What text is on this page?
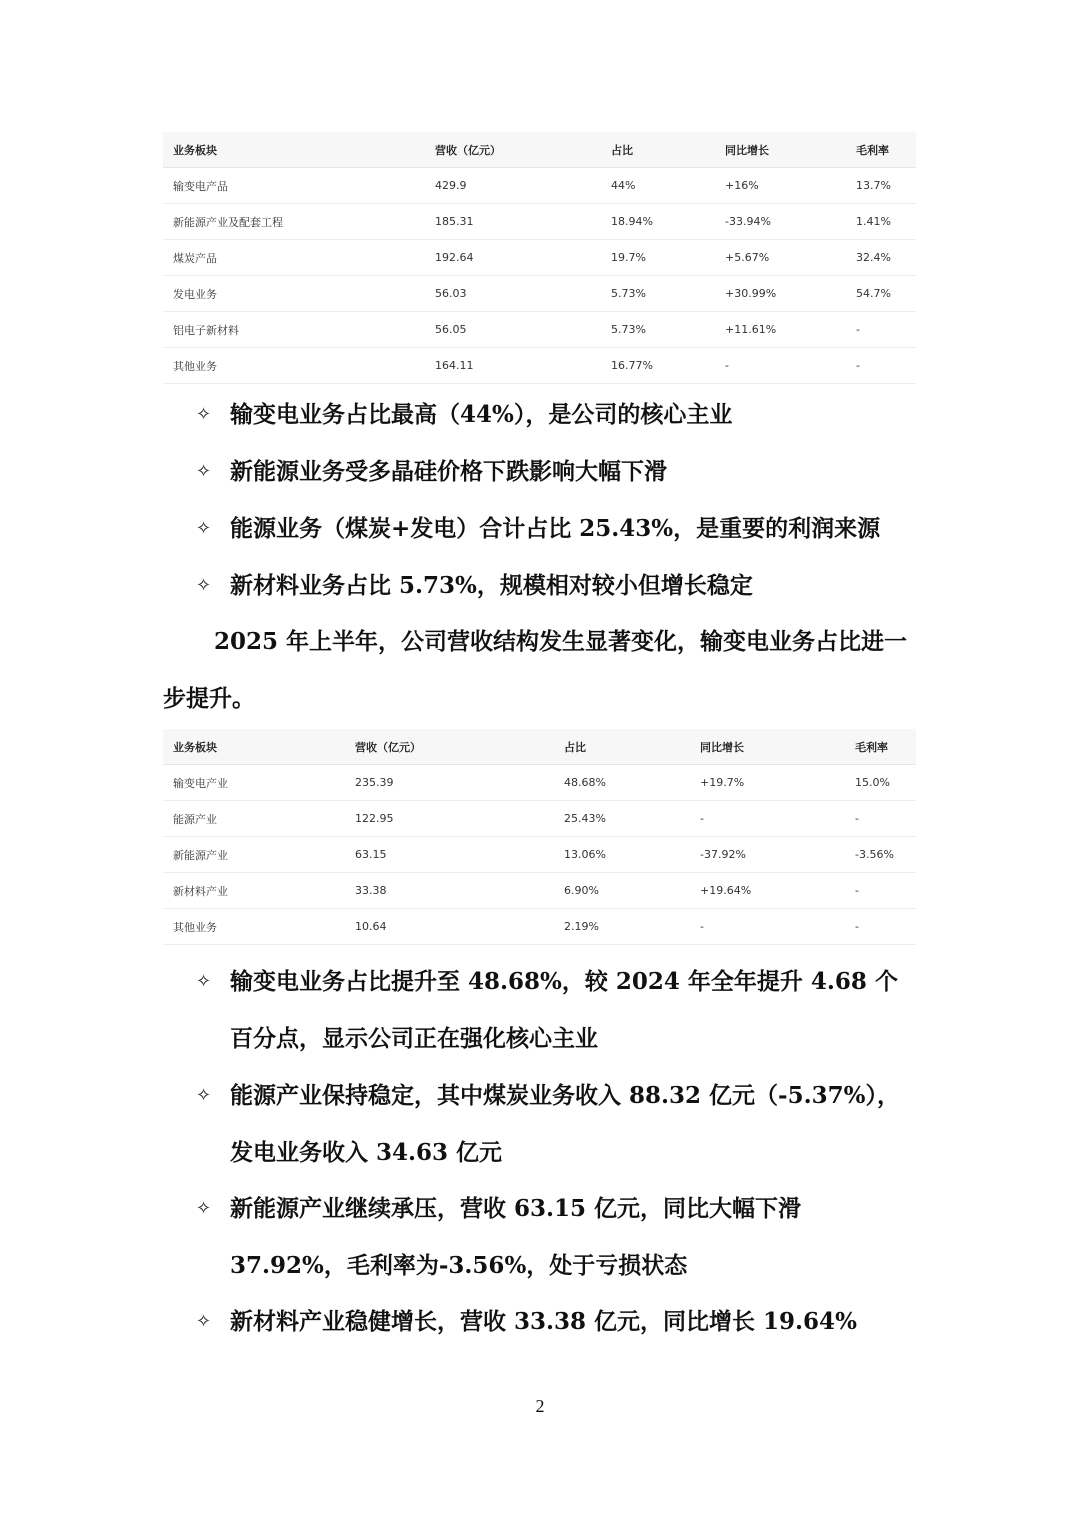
业务板块	营收（亿元）	占比	同比增长	毛利率
输变电产品	429.9	44%	+16%	13.7%
新能源产业及配套工程	185.31	18.94%	-33.94%	1.41%
煤炭产品	192.64	19.7%	+5.67%	32.4%
发电业务	56.03	5.73%	+30.99%	54.7%
铝电子新材料	56.05	5.73%	+11.61%	-
其他业务	164.11	16.77%	-	-
✧ 输变电业务占比最高（44%），是公司的核心主业
✧ 新能源业务受多晶硅价格下跌影响大幅下滑
✧ 能源业务（煤炭+发电）合计占比 25.43%，是重要的利润来源
✧ 新材料业务占比 5.73%，规模相对较小但增长稳定
2025 年上半年，公司营收结构发生显著变化，输变电业务占比进一步提升。
业务板块	营收（亿元）	占比	同比增长	毛利率
输变电产业	235.39	48.68%	+19.7%	15.0%
能源产业	122.95	25.43%	-	-
新能源产业	63.15	13.06%	-37.92%	-3.56%
新材料产业	33.38	6.90%	+19.64%	-
其他业务	10.64	2.19%	-	-
✧ 输变电业务占比提升至 48.68%，较 2024 年全年提升 4.68 个百分点，显示公司正在强化核心主业
✧ 能源产业保持稳定，其中煤炭业务收入 88.32 亿元（-5.37%），发电业务收入 34.63 亿元
✧ 新能源产业继续承压，营收 63.15 亿元，同比大幅下滑 37.92%，毛利率为-3.56%，处于亏损状态
✧ 新材料产业稳健增长，营收 33.38 亿元，同比增长 19.64%
2
